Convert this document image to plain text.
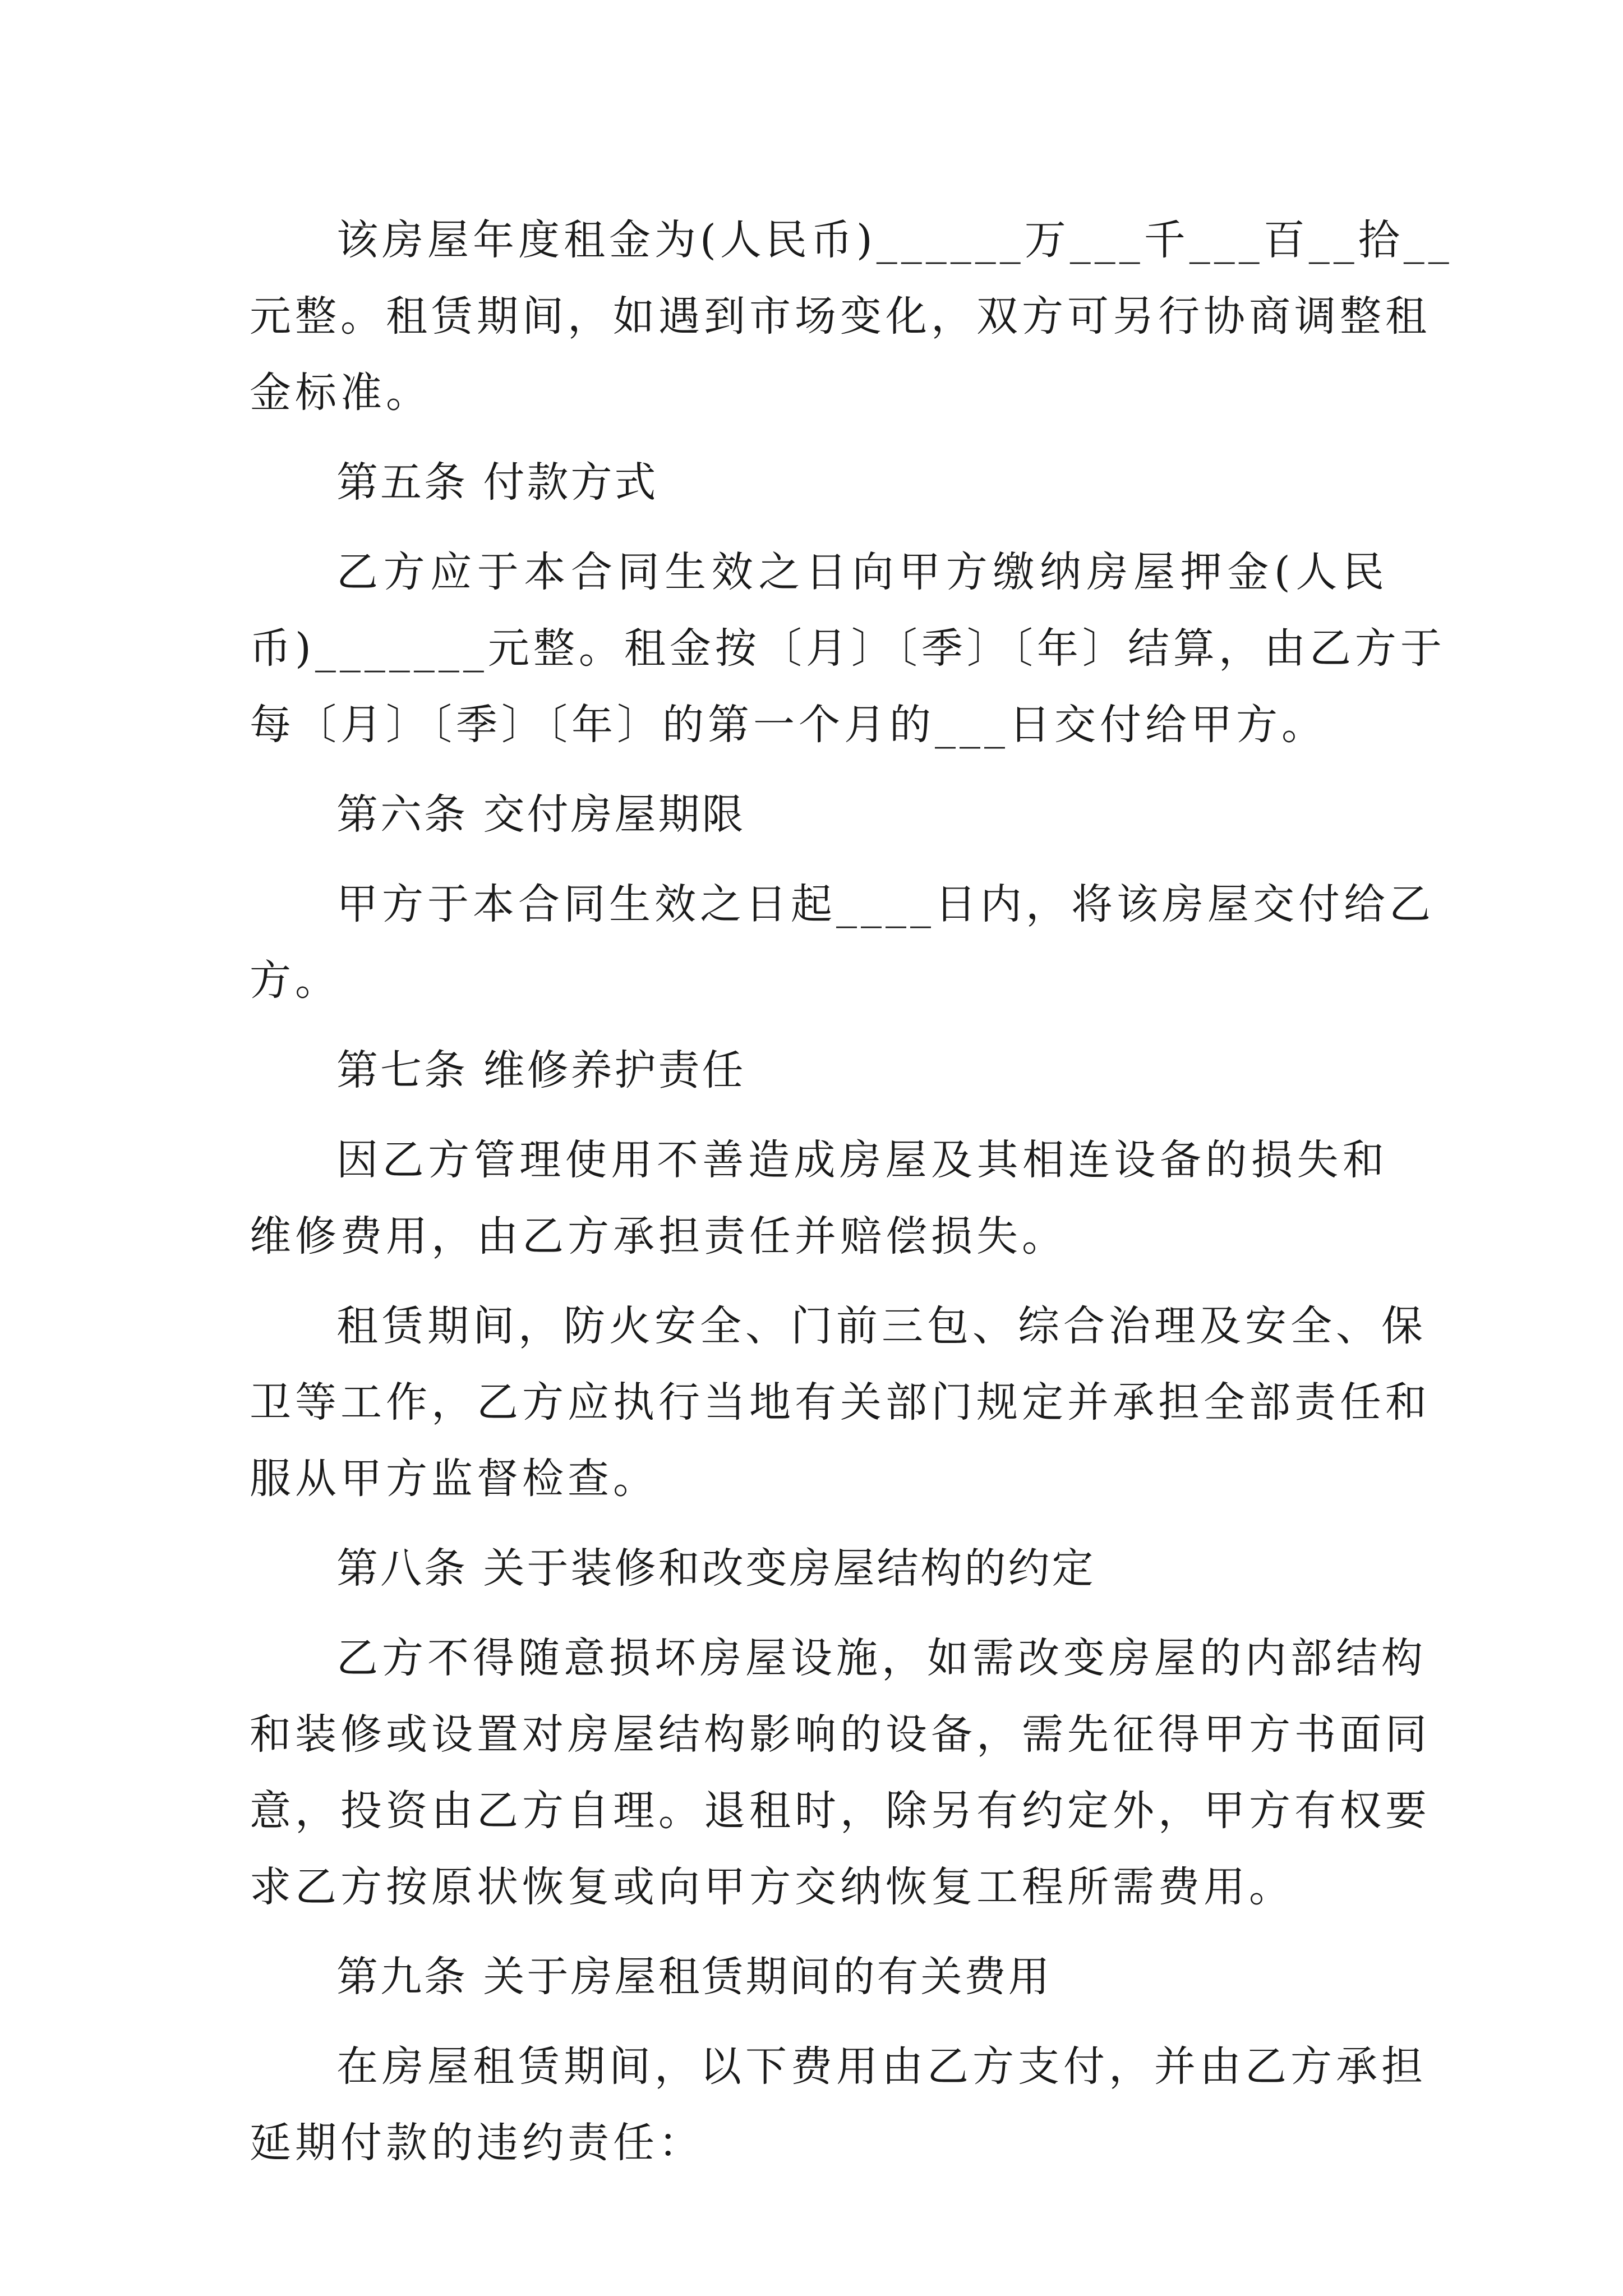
该房屋年度租金为(人民币)______万___千___百__拾__
元整。租赁期间，如遇到市场变化，双方可另行协商调整租
金标准。
第五条 付款方式
乙方应于本合同生效之日向甲方缴纳房屋押金(人民
币)_______元整。租金按〔月〕〔季〕〔年〕结算，由乙方于
每〔月〕〔季〕〔年〕的第一个月的___日交付给甲方。
第六条 交付房屋期限
甲方于本合同生效之日起____日内，将该房屋交付给乙
方。
第七条 维修养护责任
因乙方管理使用不善造成房屋及其相连设备的损失和
维修费用，由乙方承担责任并赔偿损失。
租赁期间，防火安全、门前三包、综合治理及安全、保
卫等工作，乙方应执行当地有关部门规定并承担全部责任和
服从甲方监督检查。
第八条 关于装修和改变房屋结构的约定
乙方不得随意损坏房屋设施，如需改变房屋的内部结构
和装修或设置对房屋结构影响的设备，需先征得甲方书面同
意，投资由乙方自理。退租时，除另有约定外，甲方有权要
求乙方按原状恢复或向甲方交纳恢复工程所需费用。
第九条 关于房屋租赁期间的有关费用
在房屋租赁期间，以下费用由乙方支付，并由乙方承担
延期付款的违约责任：
